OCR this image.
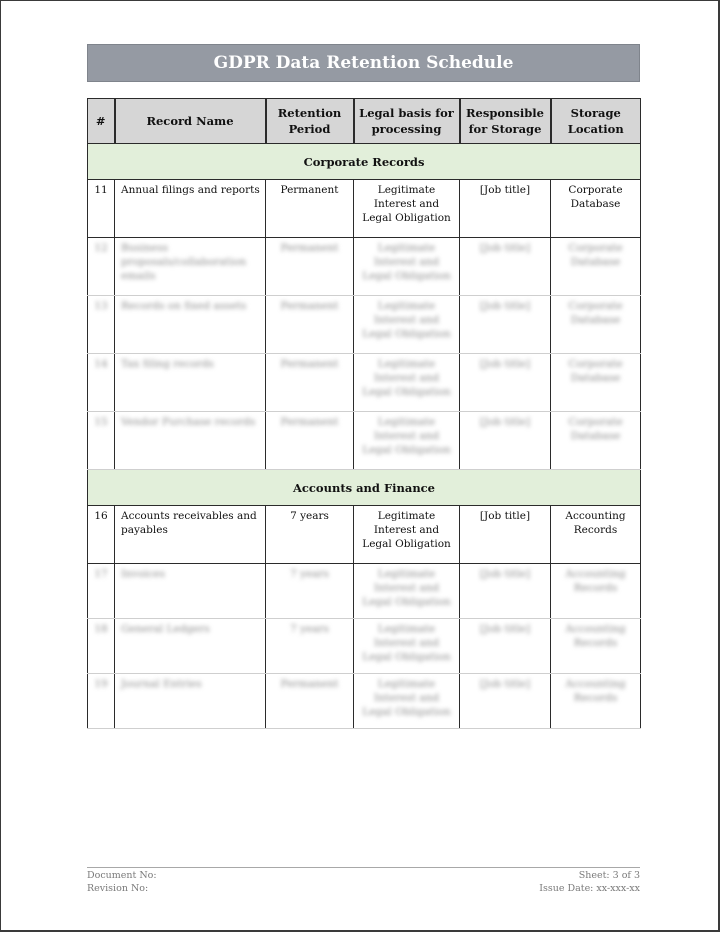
GDPR Data Retention Schedule
#	Record Name	Retention Period	Legal basis for processing	Responsible for Storage	Storage Location
Corporate Records					
11	Annual filings and reports	Permanent	Legitimate Interest and Legal Obligation	[Job title]	Corporate Database
12	Business proposals/collaboration emails	Permanent	Legitimate Interest and Legal Obligation	[Job title]	Corporate Database
13	Records on fixed assets	Permanent	Legitimate Interest and Legal Obligation	[Job title]	Corporate Database
14	Tax filing records	Permanent	Legitimate Interest and Legal Obligation	[Job title]	Corporate Database
15	Vendor Purchase records	Permanent	Legitimate Interest and Legal Obligation	[Job title]	Corporate Database
Accounts and Finance					
16	Accounts receivables and payables	7 years	Legitimate Interest and Legal Obligation	[Job title]	Accounting Records
17	Invoices	7 years	Legitimate Interest and Legal Obligation	[Job title]	Accounting Records
18	General Ledgers	7 years	Legitimate Interest and Legal Obligation	[Job title]	Accounting Records
19	Journal Entries	Permanent	Legitimate Interest and Legal Obligation	[Job title]	Accounting Records
Document No:
Revision No:
Sheet: 3 of 3
Issue Date: xx-xxx-xx
